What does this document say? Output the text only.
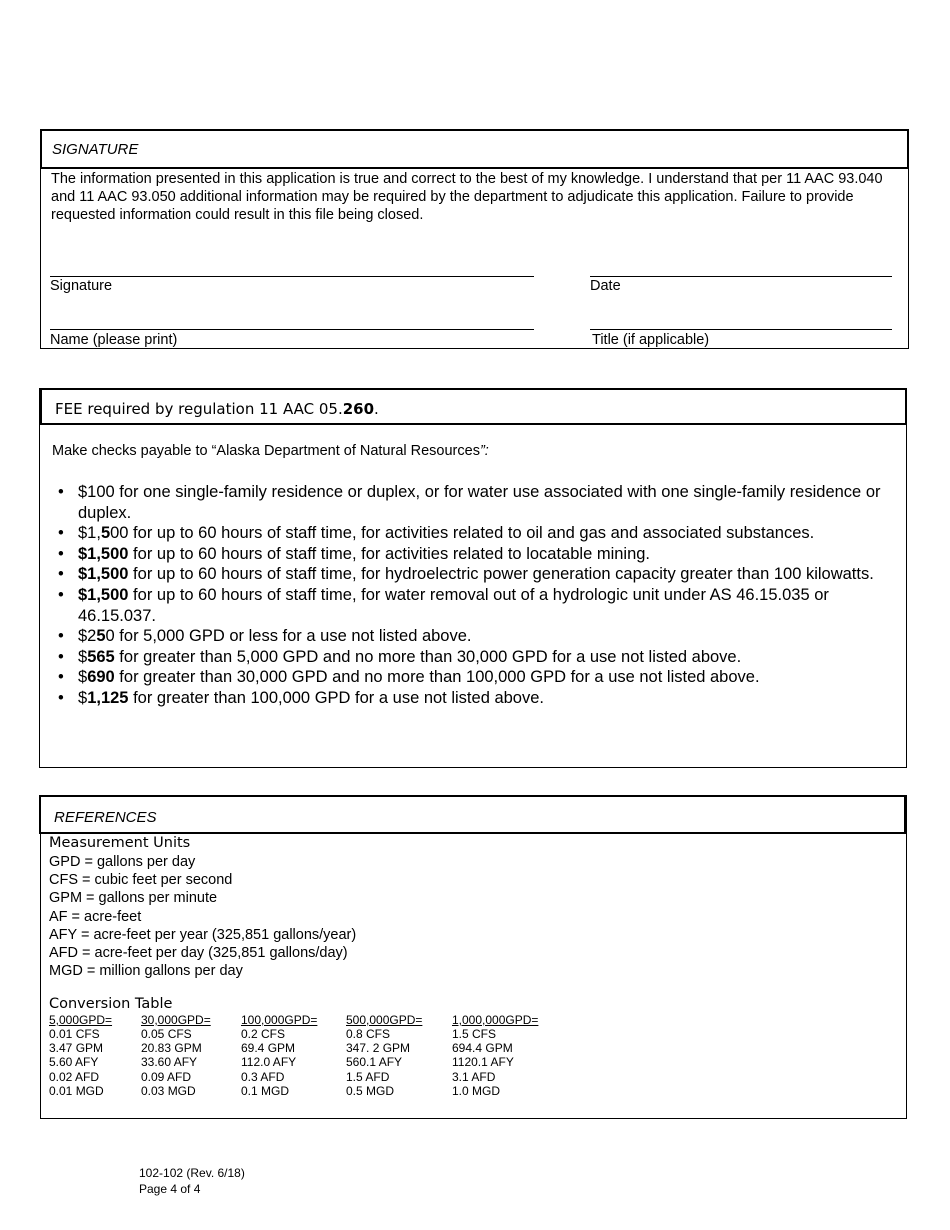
SIGNATURE
The information presented in this application is true and correct to the best of my knowledge. I understand that per 11 AAC 93.040 and 11 AAC 93.050 additional information may be required by the department to adjudicate this application. Failure to provide requested information could result in this file being closed.
Signature	Date
Name (please print)	Title (if applicable)
FEE required by regulation 11 AAC 05.260.
Make checks payable to “Alaska Department of Natural Resources”:
• $100 for one single-family residence or duplex, or for water use associated with one single-family residence or duplex.
• $1,500 for up to 60 hours of staff time, for activities related to oil and gas and associated substances.
• $1,500 for up to 60 hours of staff time, for activities related to locatable mining.
• $1,500 for up to 60 hours of staff time, for hydroelectric power generation capacity greater than 100 kilowatts.
• $1,500 for up to 60 hours of staff time, for water removal out of a hydrologic unit under AS 46.15.035 or 46.15.037.
• $250 for 5,000 GPD or less for a use not listed above.
• $565 for greater than 5,000 GPD and no more than 30,000 GPD for a use not listed above.
• $690 for greater than 30,000 GPD and no more than 100,000 GPD for a use not listed above.
• $1,125 for greater than 100,000 GPD for a use not listed above.
REFERENCES
Measurement Units
GPD = gallons per day
CFS = cubic feet per second
GPM = gallons per minute
AF = acre-feet
AFY = acre-feet per year (325,851 gallons/year)
AFD = acre-feet per day (325,851 gallons/day)
MGD = million gallons per day
Conversion Table
5,000GPD=	30,000GPD=	100,000GPD=	500,000GPD=	1,000,000GPD=
0.01 CFS	0.05 CFS	0.2 CFS	0.8 CFS	1.5 CFS
3.47 GPM	20.83 GPM	69.4 GPM	347. 2 GPM	694.4 GPM
5.60 AFY	33.60 AFY	112.0 AFY	560.1 AFY	1120.1 AFY
0.02 AFD	0.09 AFD	0.3 AFD	1.5 AFD	3.1 AFD
0.01 MGD	0.03 MGD	0.1 MGD	0.5 MGD	1.0 MGD
102-102 (Rev. 6/18)
Page 4 of 4
